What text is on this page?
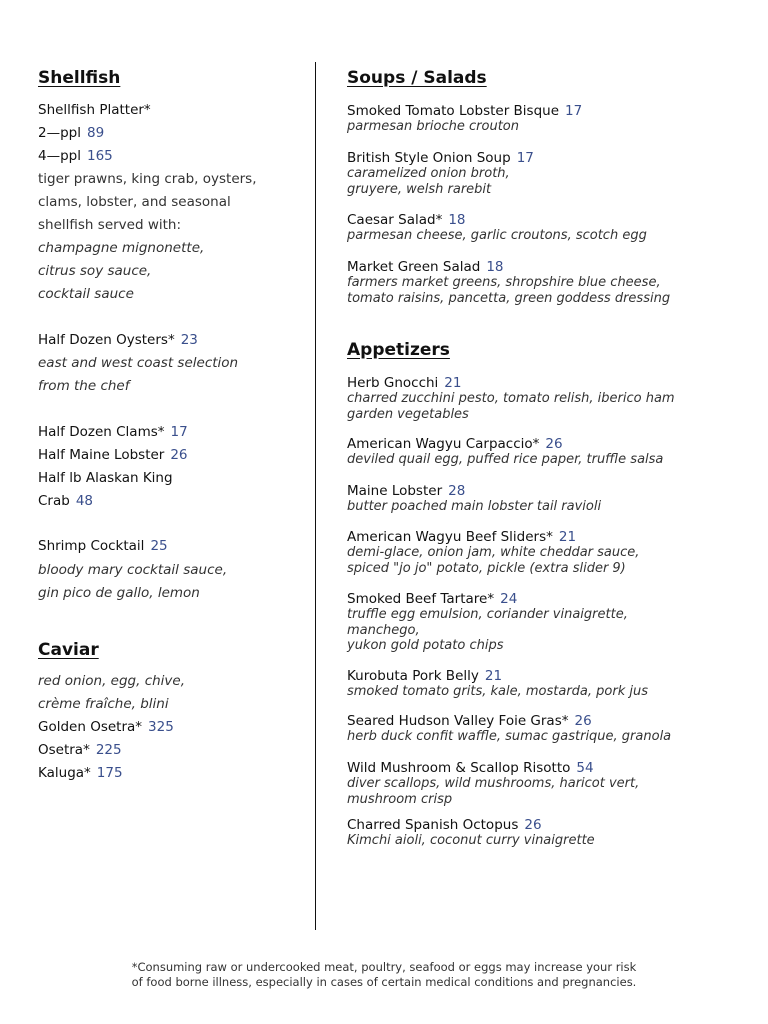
Shellfish
Shellfish Platter*
2—ppl 89
4—ppl 165
tiger prawns, king crab, oysters,
clams, lobster, and seasonal
shellfish served with:
champagne mignonette,
citrus soy sauce,
cocktail sauce
Half Dozen Oysters* 23
east and west coast selection
from the chef
Half Dozen Clams* 17
Half Maine Lobster 26
Half lb Alaskan King
Crab 48
Shrimp Cocktail 25
bloody mary cocktail sauce,
gin pico de gallo, lemon
Caviar
red onion, egg, chive,
crème fraîche, blini
Golden Osetra* 325
Osetra* 225
Kaluga* 175
Soups / Salads
Smoked Tomato Lobster Bisque 17
parmesan brioche crouton
British Style Onion Soup 17
caramelized onion broth,
gruyere, welsh rarebit
Caesar Salad* 18
parmesan cheese, garlic croutons, scotch egg
Market Green Salad 18
farmers market greens, shropshire blue cheese,
tomato raisins, pancetta, green goddess dressing
Appetizers
Herb Gnocchi 21
charred zucchini pesto, tomato relish, iberico ham
garden vegetables
American Wagyu Carpaccio* 26
deviled quail egg, puffed rice paper, truffle salsa
Maine Lobster 28
butter poached main lobster tail ravioli
American Wagyu Beef Sliders* 21
demi-glace, onion jam, white cheddar sauce,
spiced "jo jo" potato, pickle (extra slider 9)
Smoked Beef Tartare* 24
truffle egg emulsion, coriander vinaigrette,
manchego,
yukon gold potato chips
Kurobuta Pork Belly 21
smoked tomato grits, kale, mostarda, pork jus
Seared Hudson Valley Foie Gras* 26
herb duck confit waffle, sumac gastrique, granola
Wild Mushroom & Scallop Risotto 54
diver scallops, wild mushrooms, haricot vert,
mushroom crisp
Charred Spanish Octopus 26
Kimchi aioli, coconut curry vinaigrette
*Consuming raw or undercooked meat, poultry, seafood or eggs may increase your risk
of food borne illness, especially in cases of certain medical conditions and pregnancies.
